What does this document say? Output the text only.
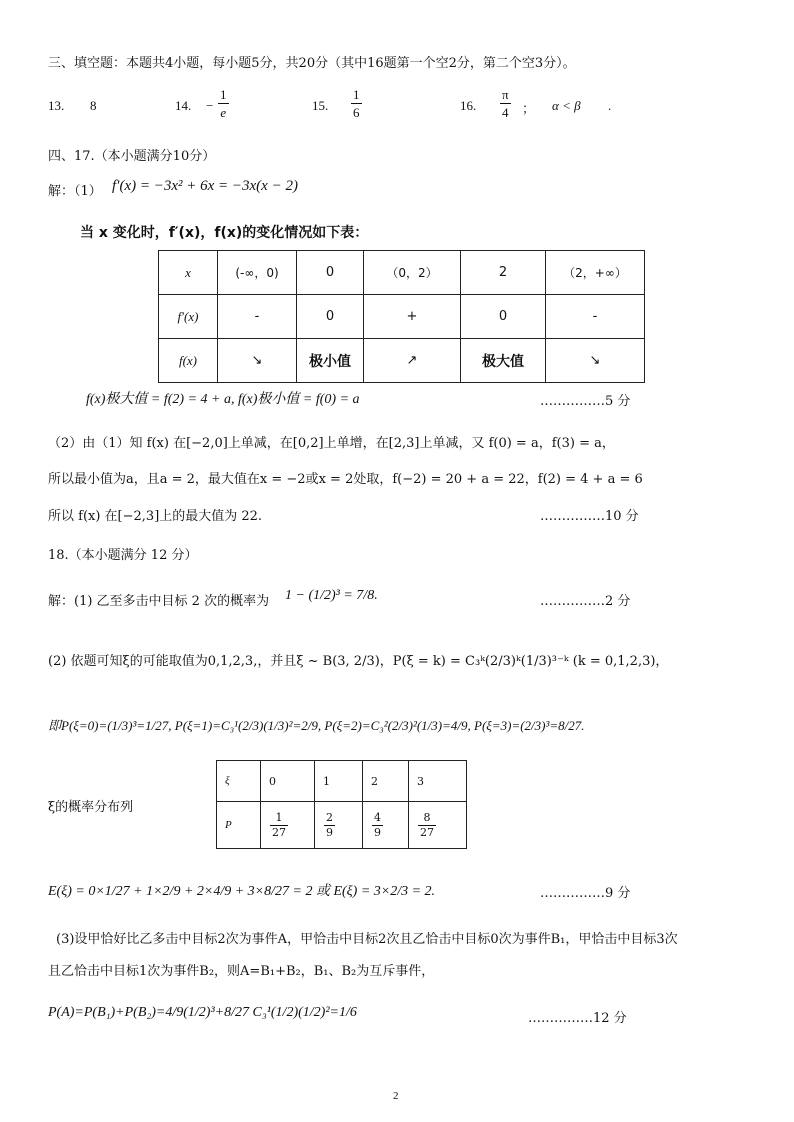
三、填空题：本题共4小题，每小题5分，共20分（其中16题第一个空2分，第二个空3分）。
13. 8	14. − $\frac{1}{e}$	15. $\frac{1}{6}$	16. $\frac{\pi}{4}$ ； α < β .
四、17.（本小题满分10分）
解：（1） f′(x) = −3x² + 6x = −3x(x − 2)
当 x 变化时，f′(x)，f(x)的变化情况如下表：
x	(-∞，0)	0	（0，2）	2	（2，+∞）
f′(x)	-	0	+	0	-
f(x)	↘	极小值	↗	极大值	↘
f(x)极大值 = f(2) = 4 + a, f(x)极小值 = f(0) = a	……………5 分
（2）由（1）知 f(x) 在[−2,0]上单减，在[0,2]上单增，在[2,3]上单减，又 f(0) = a，f(3) = a，
所以最小值为a，且a = 2，最大值在x = −2或x = 2处取，f(−2) = 20 + a = 22，f(2) = 4 + a = 6
所以 f(x) 在[−2,3]上的最大值为 22.	……………10 分
18.（本小题满分 12 分）
解：(1) 乙至多击中目标 2 次的概率为 1 − (1/2)³ = 7/8.	……………2 分
(2) 依题可知ξ的可能取值为0,1,2,3,，并且ξ ~ B(3, 2/3)，P(ξ = k) = C₃ᵏ(2/3)ᵏ(1/3)³⁻ᵏ (k = 0,1,2,3)，
即P(ξ=0)=(1/3)³=1/27, P(ξ=1)=C₃¹(2/3)(1/3)²=2/9, P(ξ=2)=C₃²(2/3)²(1/3)=4/9, P(ξ=3)=(2/3)³=8/27.
ξ的概率分布列
ξ	0	1	2	3
P	$\frac{1}{27}$	$\frac{2}{9}$	$\frac{4}{9}$	$\frac{8}{27}$
E(ξ) = 0×1/27 + 1×2/9 + 2×4/9 + 3×8/27 = 2 或 E(ξ) = 3×2/3 = 2.	……………9 分
(3)设甲恰好比乙多击中目标2次为事件A，甲恰击中目标2次且乙恰击中目标0次为事件B₁，甲恰击中目标3次
且乙恰击中目标1次为事件B₂，则A=B₁+B₂，B₁、B₂为互斥事件，
P(A)=P(B₁)+P(B₂)=4/9(1/2)³+8/27 C₃¹(1/2)(1/2)²=1/6	……………12 分
2
